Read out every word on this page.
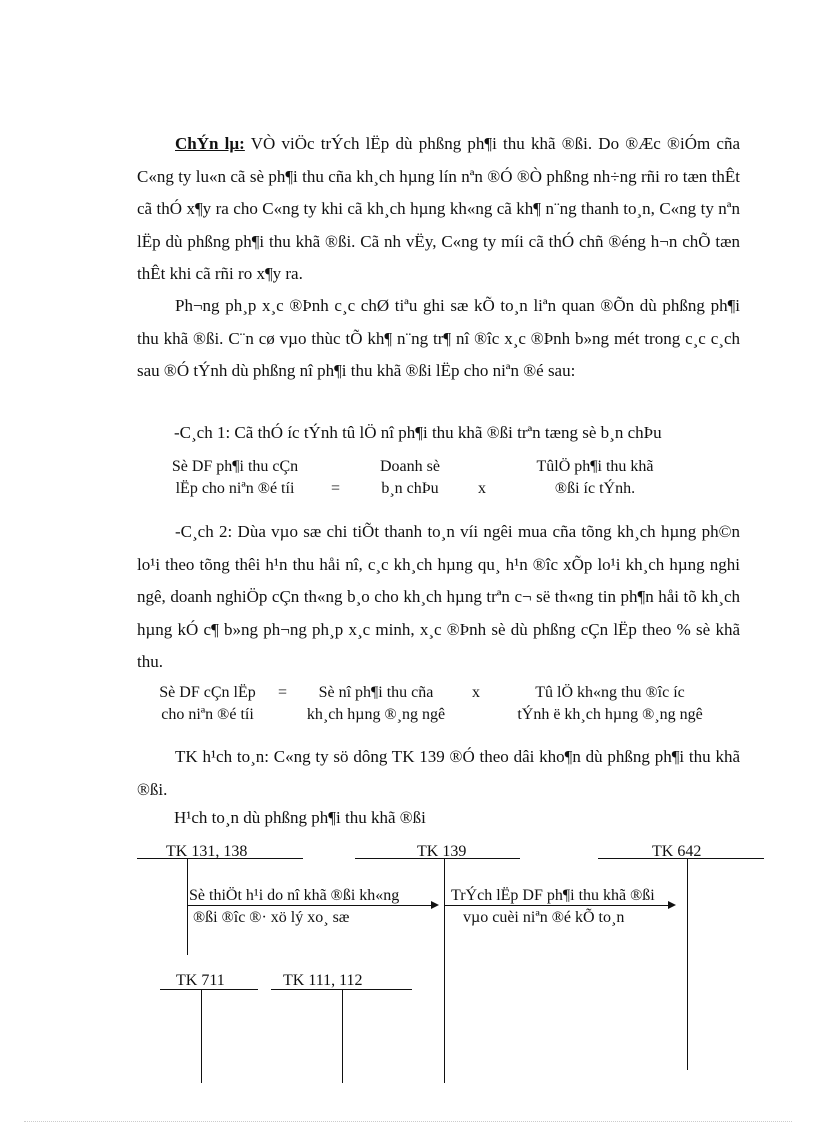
ChÝn lµ: VÒ viÖc trÝch lËp dù phßng ph¶i thu khã ®ßi. Do ®Æc ®iÓm cña C«ng ty lu«n cã sè ph¶i thu cña kh¸ch hµng lín nªn ®Ó ®Ò phßng nh÷ng rñi ro tæn thÊt cã thÓ x¶y ra cho C«ng ty khi cã kh¸ch hµng kh«ng cã kh¶ n¨ng thanh to¸n, C«ng ty nªn lËp dù phßng ph¶i thu khã ®ßi. Cã nh vËy, C«ng ty míi cã thÓ chñ ®éng h¬n chÕ tæn thÊt khi cã rñi ro x¶y ra.

Ph¬ng ph¸p x¸c ®Þnh c¸c chØ tiªu ghi sæ kÕ to¸n liªn quan ®Õn dù phßng ph¶i thu khã ®ßi. C¨n cø vµo thùc tÕ kh¶ n¨ng tr¶ nî ®îc x¸c ®Þnh b»ng mét trong c¸c c¸ch sau ®Ó tÝnh dù phßng nî ph¶i thu khã ®ßi lËp cho niªn ®é sau:

-C¸ch 1: Cã thÓ íc tÝnh tû lÖ nî ph¶i thu khã ®ßi trªn tæng sè b¸n chÞu
Sè DF ph¶i thu cÇn
lËp cho niªn ®é tíi	=
Doanh sè
b¸n chÞu	x
TûlÖ ph¶i thu khã
®ßi íc tÝnh.

-C¸ch 2: Dùa vµo sæ chi tiÕt thanh to¸n víi ngêi mua cña tõng kh¸ch hµng ph©n lo¹i theo tõng thêi h¹n thu håi nî, c¸c kh¸ch hµng qu¸ h¹n ®îc xÕp lo¹i kh¸ch hµng nghi ngê, doanh nghiÖp cÇn th«ng b¸o cho kh¸ch hµng trªn c¬ së th«ng tin ph¶n håi tõ kh¸ch hµng kÓ c¶ b»ng ph¬ng ph¸p x¸c minh, x¸c ®Þnh sè dù phßng cÇn lËp theo % sè khã thu.

Sè DF cÇn lËp
cho niªn ®é tíi
=	Sè nî ph¶i thu cña
kh¸ch hµng ®¸ng ngê
x	Tû lÖ kh«ng thu ®îc íc
tÝnh ë kh¸ch hµng ®¸ng ngê

TK h¹ch to¸n: C«ng ty sö dông TK 139 ®Ó theo dâi kho¶n dù phßng ph¶i thu khã ®ßi.

H¹ch to¸n dù phßng ph¶i thu khã ®ßi
TK 131, 138	TK 139	TK 642
Sè thiÖt h¹i do nî khã ®ßi kh«ng
®ßi ®îc ®· xö lý xo¸ sæ
TrÝch lËp DF ph¶i thu khã ®ßi
vµo cuèi niªn ®é kÕ to¸n
TK 711	TK 111, 112
